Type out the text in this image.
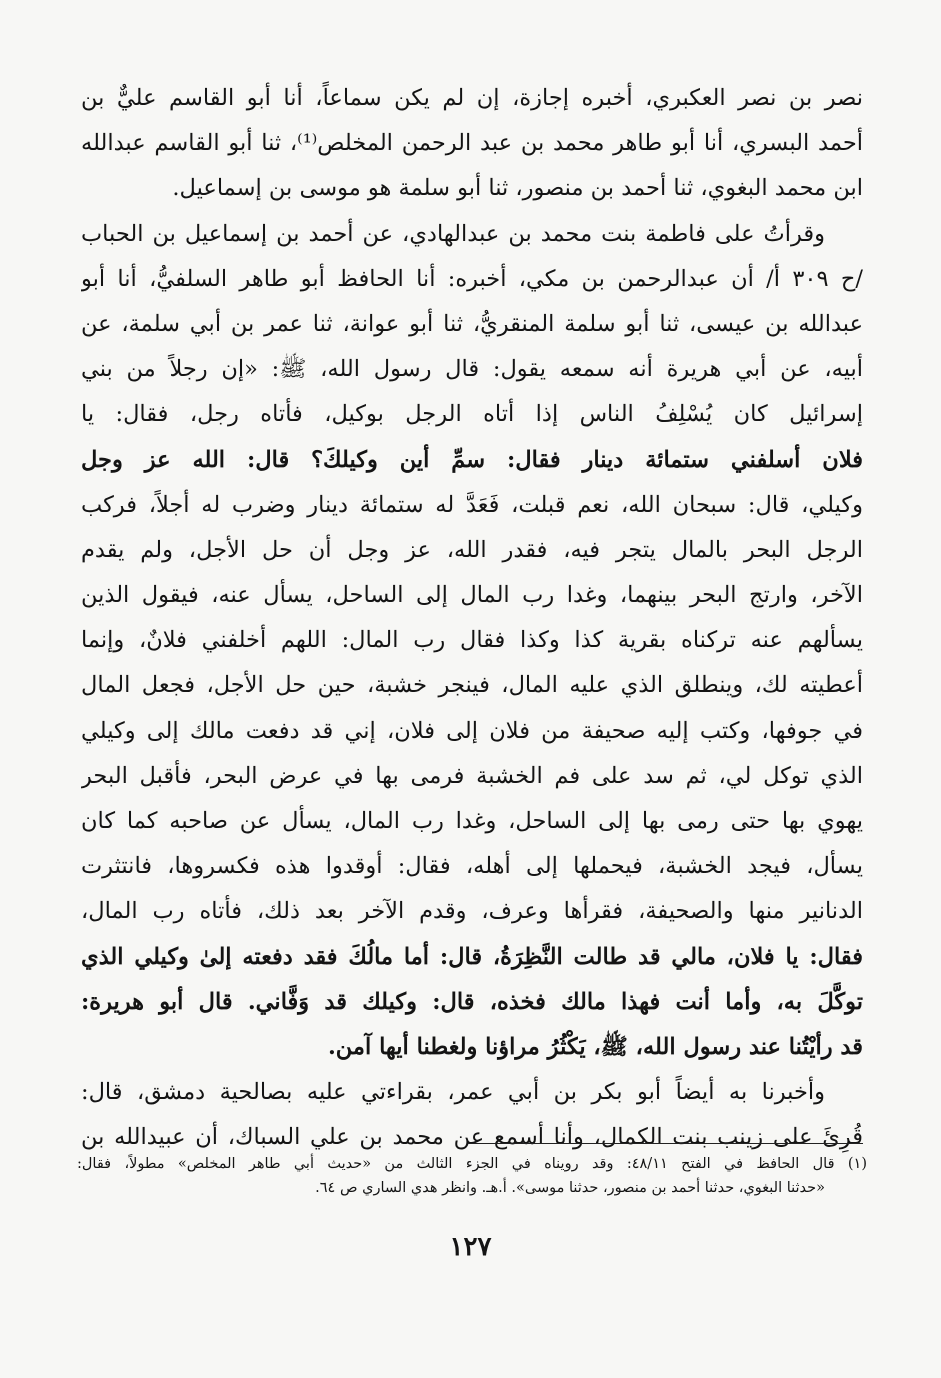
نصر بن نصر العكبري، أخبره إجازة، إن لم يكن سماعاً، أنا أبو القاسم عليٌّ بن
أحمد البسري، أنا أبو طاهر محمد بن عبد الرحمن المخلص⁽¹⁾، ثنا أبو القاسم عبدالله
ابن محمد البغوي، ثنا أحمد بن منصور، ثنا أبو سلمة هو موسى بن إسماعيل.
وقرأتُ على فاطمة بنت محمد بن عبدالهادي، عن أحمد بن إسماعيل بن الحباب
/ح ٣٠٩ أ/ أن عبدالرحمن بن مكي، أخبره: أنا الحافظ أبو طاهر السلفيُّ، أنا أبو
عبدالله بن عيسى، ثنا أبو سلمة المنقريُّ، ثنا أبو عوانة، ثنا عمر بن أبي سلمة، عن
أبيه، عن أبي هريرة أنه سمعه يقول: قال رسول الله، ﷺ: «إن رجلاً من بني
إسرائيل كان يُسْلِفُ الناس إذا أتاه الرجل بوكيل، فأتاه رجل، فقال: يا
فلان أسلفني ستمائة دينار فقال: سمِّ أين وكيلكَ؟ قال: الله عز وجل
وكيلي، قال: سبحان الله، نعم قبلت، فَعَدَّ له ستمائة دينار وضرب له أجلاً، فركب
الرجل البحر بالمال يتجر فيه، فقدر الله، عز وجل أن حل الأجل، ولم يقدم
الآخر، وارتج البحر بينهما، وغدا رب المال إلى الساحل، يسأل عنه، فيقول الذين
يسألهم عنه تركناه بقرية كذا وكذا فقال رب المال: اللهم أخلفني فلانٌ، وإنما
أعطيته لك، وينطلق الذي عليه المال، فينجر خشبة، حين حل الأجل، فجعل المال
في جوفها، وكتب إليه صحيفة من فلان إلى فلان، إني قد دفعت مالك إلى وكيلي
الذي توكل لي، ثم سد على فم الخشبة فرمى بها في عرض البحر، فأقبل البحر
يهوي بها حتى رمى بها إلى الساحل، وغدا رب المال، يسأل عن صاحبه كما كان
يسأل، فيجد الخشبة، فيحملها إلى أهله، فقال: أوقدوا هذه فكسروها، فانتثرت
الدنانير منها والصحيفة، فقرأها وعرف، وقدم الآخر بعد ذلك، فأتاه رب المال،
فقال: يا فلان، مالي قد طالت النَّظِرَةُ، قال: أما مالُكَ فقد دفعته إلىٰ وكيلي الذي
توكَّلَ به، وأما أنت فهذا مالك فخذه، قال: وكيلك قد وَفَّاني. قال أبو هريرة:
قد رأيْتُنا عند رسول الله، ﷺ، يَكْثُرُ مراؤنا ولغطنا أيها آمن.
وأخبرنا به أيضاً أبو بكر بن أبي عمر، بقراءتي عليه بصالحية دمشق، قال:
قُرِئَ على زينب بنت الكمال، وأنا أسمع عن محمد بن علي السباك، أن عبيدالله بن
(١) قال الحافظ في الفتح ٤٨/١١: وقد رويناه في الجزء الثالث من «حديث أبي طاهر المخلص» مطولاً، فقال:
«حدثنا البغوي، حدثنا أحمد بن منصور، حدثنا موسى». أ.هـ. وانظر هدي الساري ص ٦٤.
١٢٧
